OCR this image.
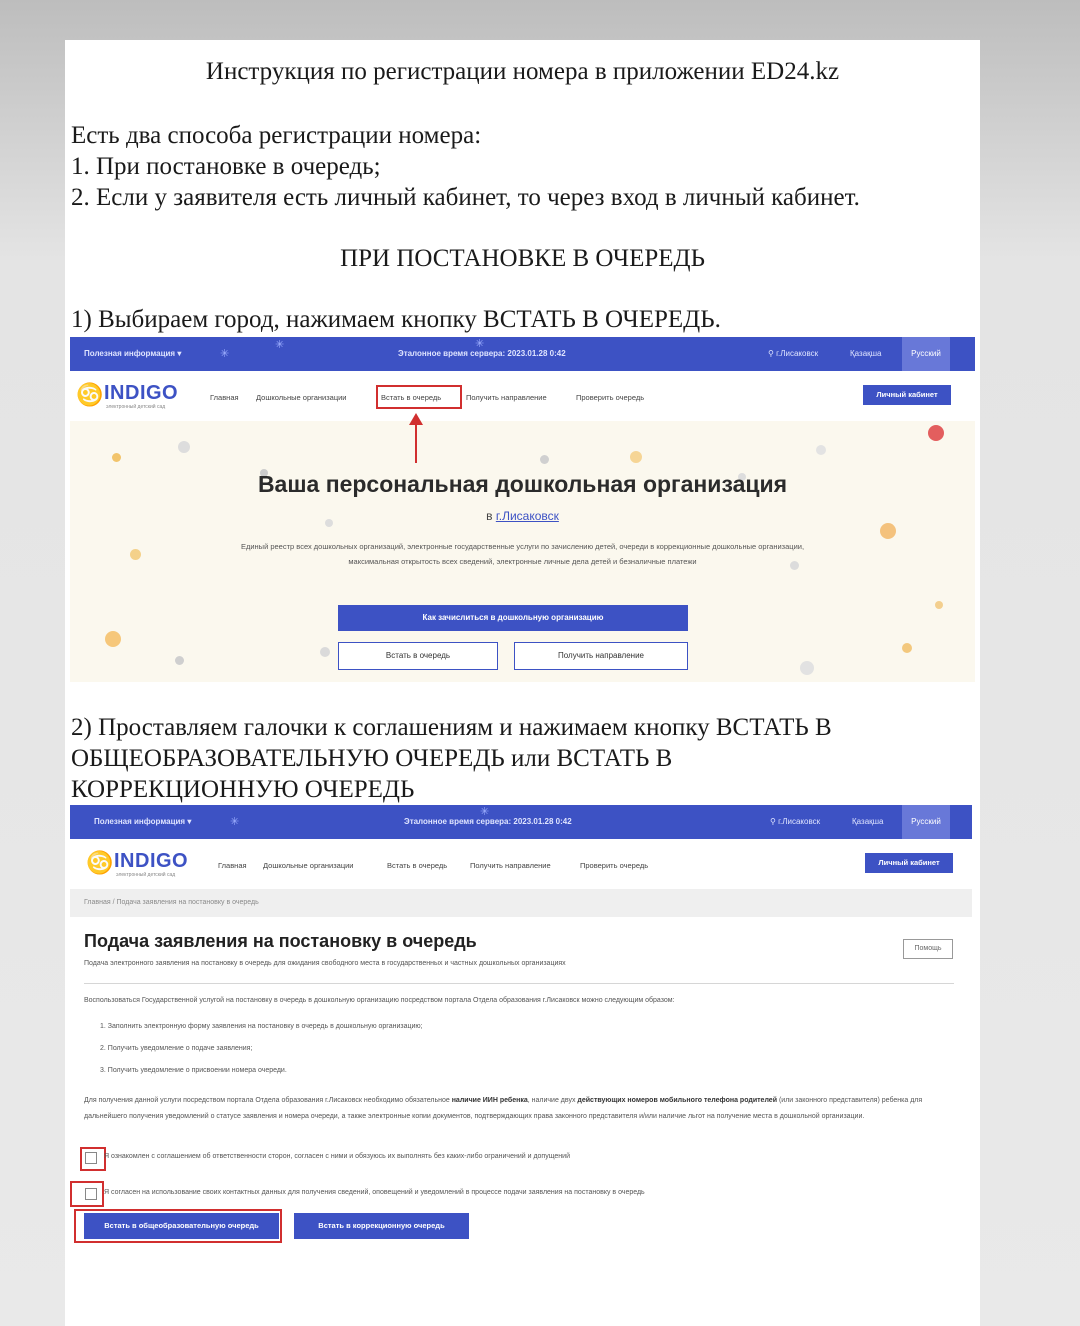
Инструкция по регистрации номера в приложении ED24.kz

Есть два способа регистрации номера:

1. При постановке в очередь;

2. Если у заявителя есть личный кабинет, то через вход в личный кабинет.

ПРИ ПОСТАНОВКЕ В ОЧЕРЕДЬ
1) Выбираем город, нажимаем кнопку ВСТАТЬ В ОЧЕРЕДЬ.
Полезная информация ▾	✳
✳
Эталонное время сервера: 2023.01.28 0:42
✳
⚲ г.Лисаковск	Қазақша	Русский
♋ INDIGO
электронный детский сад
Главная Дошкольные организации	Встать в очередь	Получить направление	Проверить очередь	Личный кабинет
Ваша персональная дошкольная организация
в г.Лисаковск
Единый реестр всех дошкольных организаций, электронные государственные услуги по зачислению детей, очереди в коррекционные дошкольные организации, максимальная открытость всех сведений, электронные личные дела детей и безналичные платежи
Как зачислиться в дошкольную организацию
Встать в очередь	Получить направление

2) Проставляем галочки к соглашениям и нажимаем кнопку ВСТАТЬ В

ОБЩЕОБРАЗОВАТЕЛЬНУЮ ОЧЕРЕДЬ или ВСТАТЬ В

КОРРЕКЦИОННУЮ ОЧЕРЕДЬ

Полезная информация ▾	✳	Эталонное время сервера: 2023.01.28 0:42
✳
⚲ г.Лисаковск	Қазақша	Русский
♋ INDIGO
электронный детский сад
Главная Дошкольные организации	Встать в очередь	Получить направление	Проверить очередь	Личный кабинет
Главная / Подача заявления на постановку в очередь
Подача заявления на постановку в очередь
Подача электронного заявления на постановку в очередь для ожидания свободного места в государственных и частных дошкольных организациях
Помощь
Воспользоваться Государственной услугой на постановку в очередь в дошкольную организацию посредством портала Отдела образования г.Лисаковск можно следующим образом:
1. Заполнить электронную форму заявления на постановку в очередь в дошкольную организацию;
2. Получить уведомление о подаче заявления;
3. Получить уведомление о присвоении номера очереди.
Для получения данной услуги посредством портала Отдела образования г.Лисаковск необходимо обязательное наличие ИИН ребенка, наличие двух действующих номеров мобильного телефона родителей (или законного представителя) ребенка для дальнейшего получения уведомлений о статусе заявления и номера очереди, а также электронные копии документов, подтверждающих права законного представителя и/или наличие льгот на получение места в дошкольной организации.
Я ознакомлен с соглашением об ответственности сторон, согласен с ними и обязуюсь их выполнять без каких-либо ограничений и допущений
Я согласен на использование своих контактных данных для получения сведений, оповещений и уведомлений в процессе подачи заявления на постановку в очередь
Встать в общеобразовательную очередь	Встать в коррекционную очередь
